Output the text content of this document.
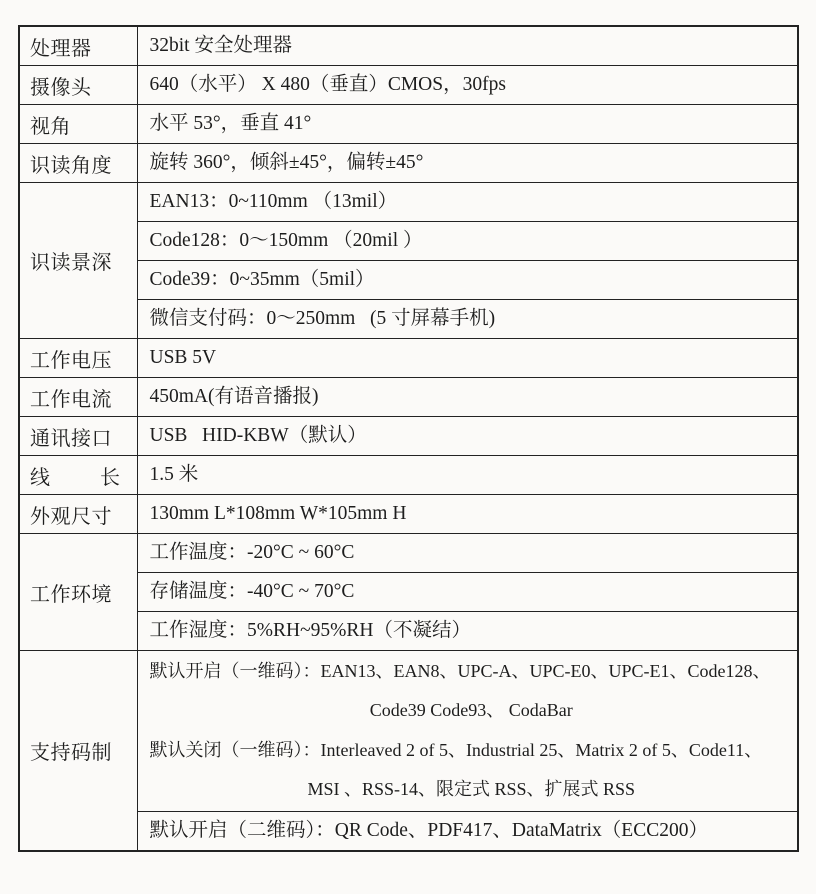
处理器	32bit 安全处理器

摄像头	640（水平） X 480（垂直）CMOS，30fps

视角	水平 53°，垂直 41°

识读角度	旋转 360°，倾斜±45°，偏转±45°

识读景深	EAN13：0~110mm （13mil）

	Code128：0～150mm （20mil ）

	Code39：0~35mm（5mil）

	微信支付码：0～250mm   (5 寸屏幕手机)

工作电压	USB 5V

工作电流	450mA(有语音播报)

通讯接口	USB   HID-KBW（默认）

线         长	1.5 米

外观尺寸	130mm L*108mm W*105mm H

工作环境	工作温度：-20°C ~ 60°C

	存储温度：-40°C ~ 70°C

	工作湿度：5%RH~95%RH（不凝结）

支持码制	默认开启（一维码）：EAN13、EAN8、UPC-A、UPC-E0、UPC-E1、Code128、
Code39 Code93、 CodaBar
默认关闭（一维码）：Interleaved 2 of 5、Industrial 25、Matrix 2 of 5、Code11、
MSI 、RSS-14、限定式 RSS、扩展式 RSS

	默认开启（二维码）：QR Code、PDF417、DataMatrix（ECC200）
